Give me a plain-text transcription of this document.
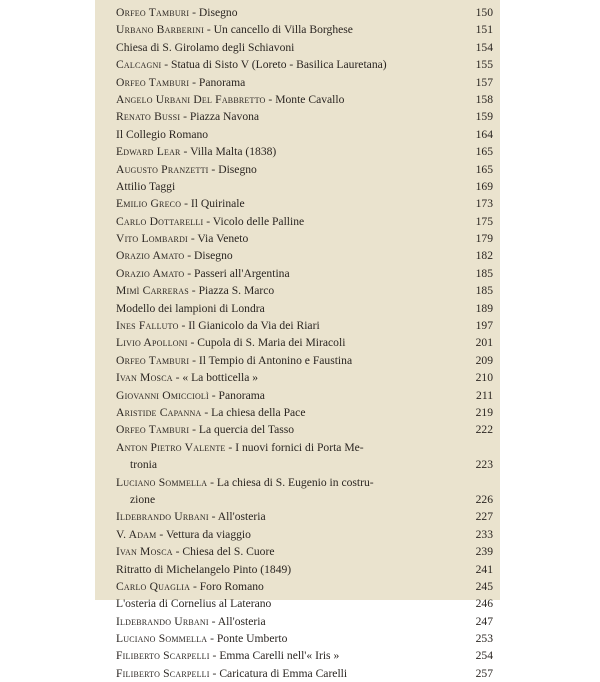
Orfeo Tamburi - Disegno	150
Urbano Barberini - Un cancello di Villa Borghese	151
Chiesa di S. Girolamo degli Schiavoni	154
Calcagni - Statua di Sisto V (Loreto - Basilica Lauretana)	155
Orfeo Tamburi - Panorama	157
Angelo Urbani Del Fabbretto - Monte Cavallo	158
Renato Bussi - Piazza Navona	159
Il Collegio Romano	164
Edward Lear - Villa Malta (1838)	165
Augusto Pranzetti - Disegno	165
Attilio Taggi	169
Emilio Greco - Il Quirinale	173
Carlo Dottarelli - Vicolo delle Palline	175
Vito Lombardi - Via Veneto	179
Orazio Amato - Disegno	182
Orazio Amato - Passeri all'Argentina	185
Mimì Carreras - Piazza S. Marco	185
Modello dei lampioni di Londra	189
Ines Falluto - Il Gianicolo da Via dei Riari	197
Livio Apolloni - Cupola di S. Maria dei Miracoli	201
Orfeo Tamburi - Il Tempio di Antonino e Faustina	209
Ivan Mosca - « La botticella »	210
Giovanni Omicciolì - Panorama	211
Aristide Capanna - La chiesa della Pace	219
Orfeo Tamburi - La quercia del Tasso	222
Anton Pietro Valente - I nuovi fornici di Porta Me-
tronia	223
Luciano Sommella - La chiesa di S. Eugenio in costru-
zione	226
Ildebrando Urbani - All'osteria	227
V. Adam - Vettura da viaggio	233
Ivan Mosca - Chiesa del S. Cuore	239
Ritratto di Michelangelo Pinto (1849)	241
Carlo Quaglia - Foro Romano	245
L'osteria di Cornelius al Laterano	246
Ildebrando Urbani - All'osteria	247
Luciano Sommella - Ponte Umberto	253
Filiberto Scarpelli - Emma Carelli nell'« Iris »	254
Filiberto Scarpelli - Caricatura di Emma Carelli	257
